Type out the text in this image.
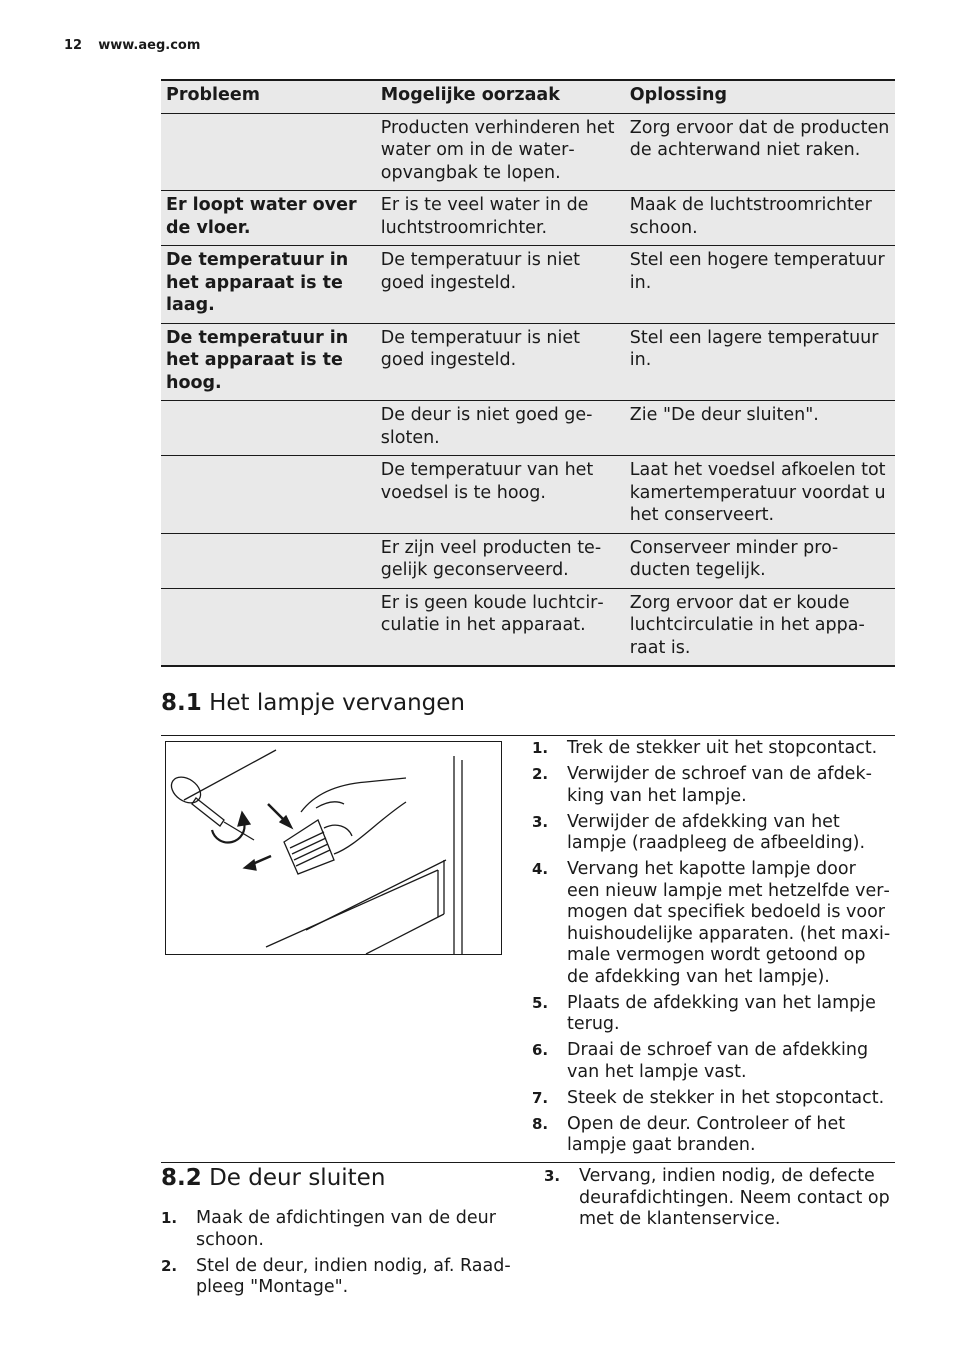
12 www.aeg.com
Probleem	Mogelijke oorzaak	Oplossing
	Producten verhinderen het water om in de wateropvangbak te lopen.	Zorg ervoor dat de producten de achterwand niet raken.
Er loopt water over de vloer.	Er is te veel water in de luchtstroomrichter.	Maak de luchtstroomrichter schoon.
De temperatuur in het apparaat is te laag.	De temperatuur is niet goed ingesteld.	Stel een hogere temperatuur in.
De temperatuur in het apparaat is te hoog.	De temperatuur is niet goed ingesteld.	Stel een lagere temperatuur in.
	De deur is niet goed gesloten.	Zie "De deur sluiten".
	De temperatuur van het voedsel is te hoog.	Laat het voedsel afkoelen tot kamertemperatuur voordat u het conserveert.
	Er zijn veel producten tegelijk geconserveerd.	Conserveer minder producten tegelijk.
	Er is geen koude luchtcirculatie in het apparaat.	Zorg ervoor dat er koude luchtcirculatie in het apparaat is.
8.1 Het lampje vervangen
1. Trek de stekker uit het stopcontact.
2. Verwijder de schroef van de afdekking van het lampje.
3. Verwijder de afdekking van het lampje (raadpleeg de afbeelding).
4. Vervang het kapotte lampje door een nieuw lampje met hetzelfde vermogen dat specifiek bedoeld is voor huishoudelijke apparaten. (het maximale vermogen wordt getoond op de afdekking van het lampje).
5. Plaats de afdekking van het lampje terug.
6. Draai de schroef van de afdekking van het lampje vast.
7. Steek de stekker in het stopcontact.
8. Open de deur. Controleer of het lampje gaat branden.
8.2 De deur sluiten
1. Maak de afdichtingen van de deur schoon.
2. Stel de deur, indien nodig, af. Raadpleeg "Montage".
3. Vervang, indien nodig, de defecte deurafdichtingen. Neem contact op met de klantenservice.
